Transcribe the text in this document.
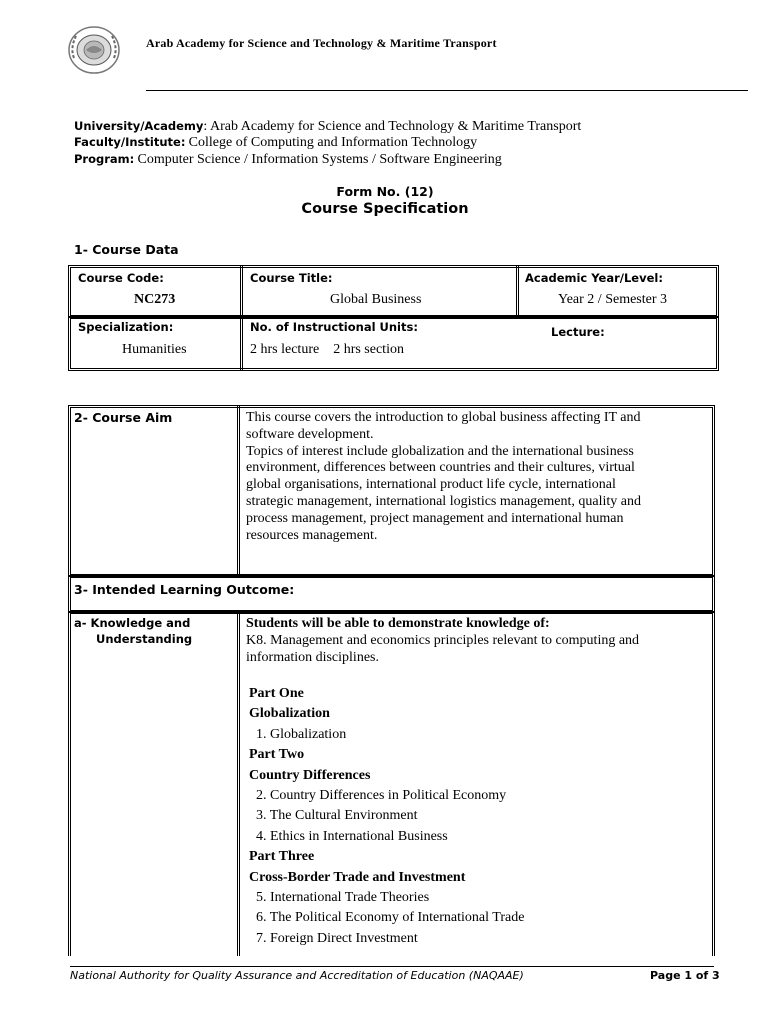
Arab Academy for Science and Technology & Maritime Transport
University/Academy: Arab Academy for Science and Technology & Maritime Transport
Faculty/Institute: College of Computing and Information Technology
Program: Computer Science / Information Systems / Software Engineering
Form No. (12)
Course Specification
1- Course Data
Course Code:
NC273
Course Title:
Global Business
Academic Year/Level:
Year 2 / Semester 3
Specialization:
Humanities
No. of Instructional Units:
2 hrs lecture    2 hrs section
Lecture:
2- Course Aim	This course covers the introduction to global business affecting IT and
software development.
Topics of interest include globalization and the international business
environment, differences between countries and their cultures, virtual
global organisations, international product life cycle, international
strategic management, international logistics management, quality and
process management, project management and international human
resources management.
3- Intended Learning Outcome:
a- Knowledge and
Understanding
Students will be able to demonstrate knowledge of:
K8. Management and economics principles relevant to computing and
information disciplines.
Part One
Globalization
1. Globalization
Part Two
Country Differences
2. Country Differences in Political Economy
3. The Cultural Environment
4. Ethics in International Business
Part Three
Cross-Border Trade and Investment
5. International Trade Theories
6. The Political Economy of International Trade
7. Foreign Direct Investment
National Authority for Quality Assurance and Accreditation of Education (NAQAAE)	Page 1 of 3
